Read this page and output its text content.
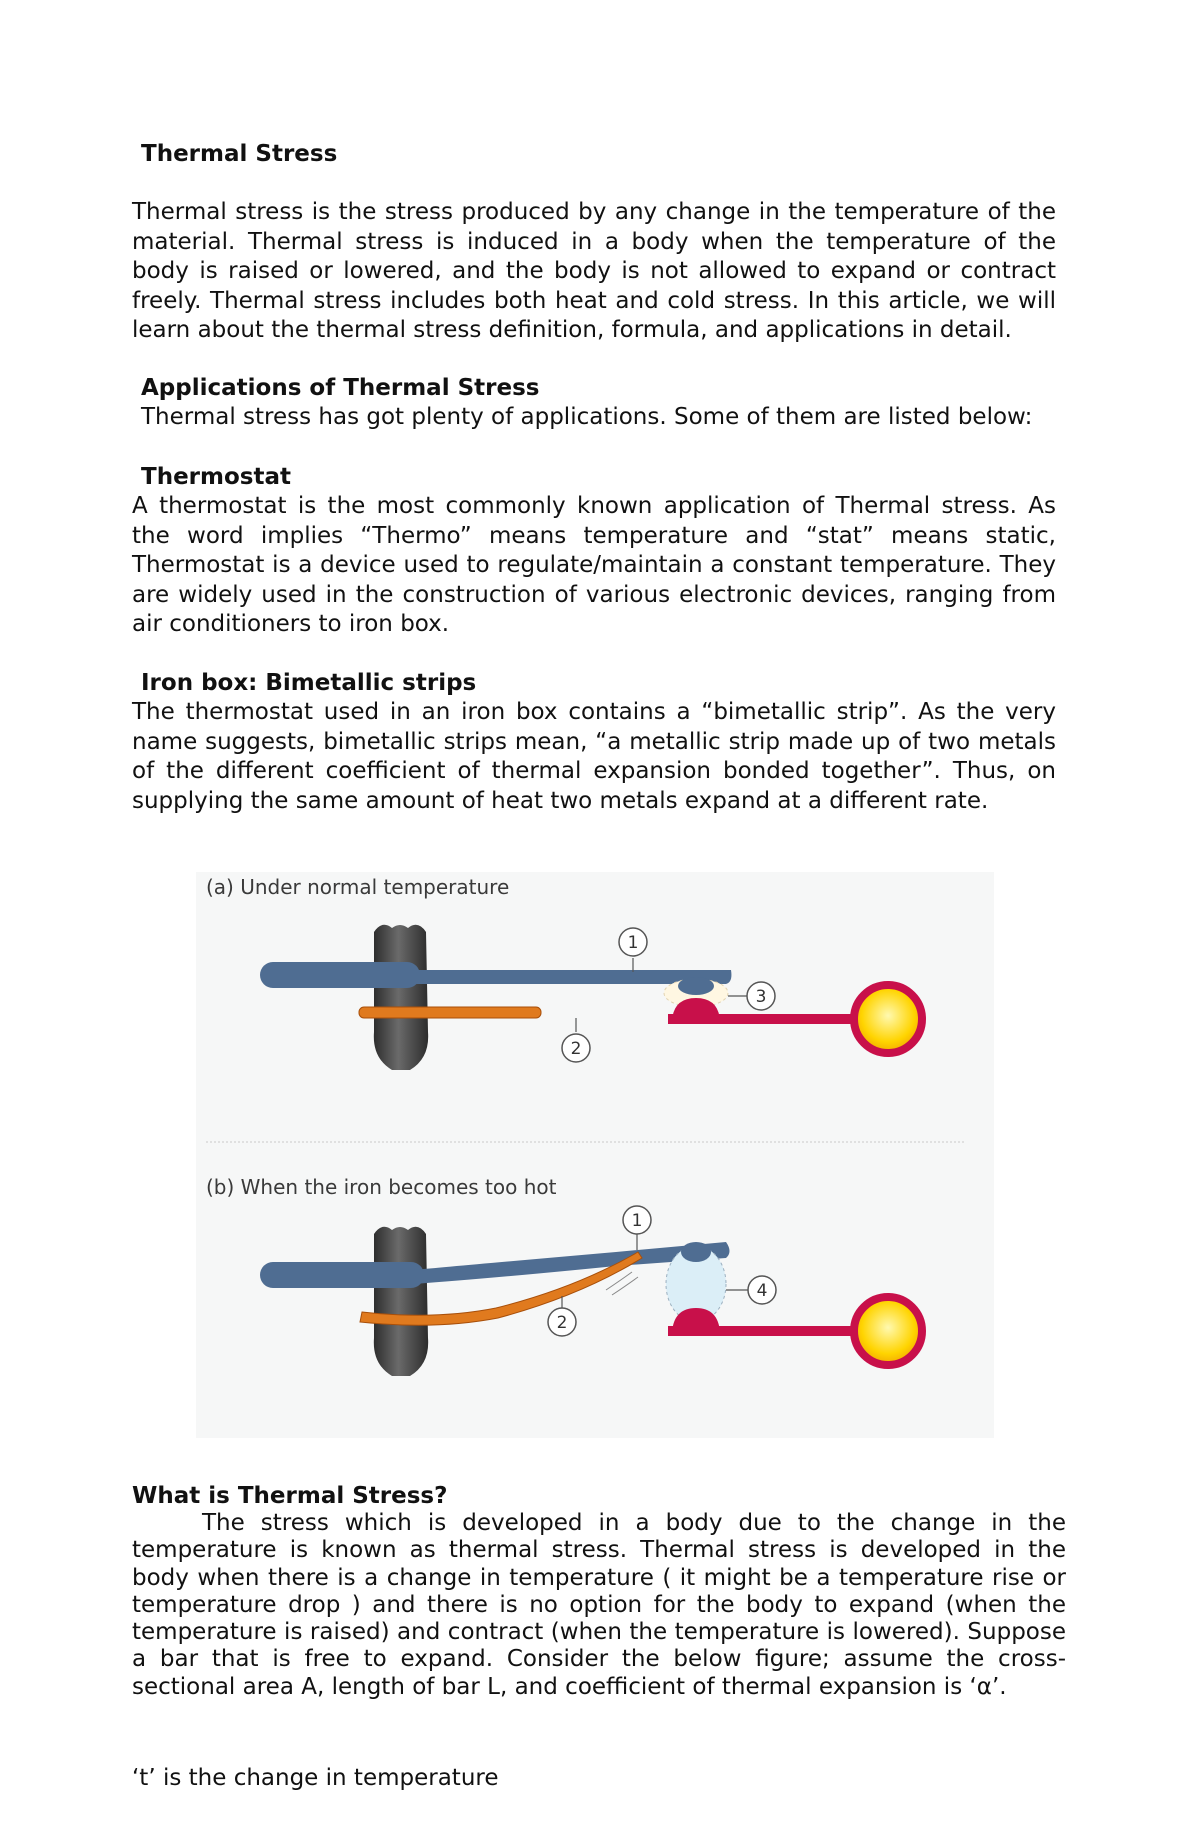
Thermal Stress

Thermal stress is the stress produced by any change in the temperature of the material. Thermal stress is induced in a body when the temperature of the body is raised or lowered, and the body is not allowed to expand or contract freely. Thermal stress includes both heat and cold stress. In this article, we will learn about the thermal stress definition, formula, and applications in detail.

Applications of Thermal Stress

Thermal stress has got plenty of applications. Some of them are listed below:

Thermostat

A thermostat is the most commonly known application of Thermal stress. As the word implies “Thermo” means temperature and “stat” means static, Thermostat is a device used to regulate/maintain a constant temperature. They are widely used in the construction of various electronic devices, ranging from air conditioners to iron box.

Iron box: Bimetallic strips

The thermostat used in an iron box contains a “bimetallic strip”. As the very name suggests, bimetallic strips mean, “a metallic strip made up of two metals of the different coefficient of thermal expansion bonded together”. Thus, on supplying the same amount of heat two metals expand at a different rate.

(a) Under normal temperature
1
2
3
(b) When the iron becomes too hot
1
2
4
What is Thermal Stress?

The stress which is developed in a body due to the change in the temperature is known as thermal stress. Thermal stress is developed in the body when there is a change in temperature ( it might be a temperature rise or temperature drop ) and there is no option for the body to expand (when the temperature is raised) and contract (when the temperature is lowered). Suppose a bar that is free to expand. Consider the below figure; assume the cross-sectional area A, length of bar L, and coefficient of thermal expansion is ‘α’.

‘t’ is the change in temperature
